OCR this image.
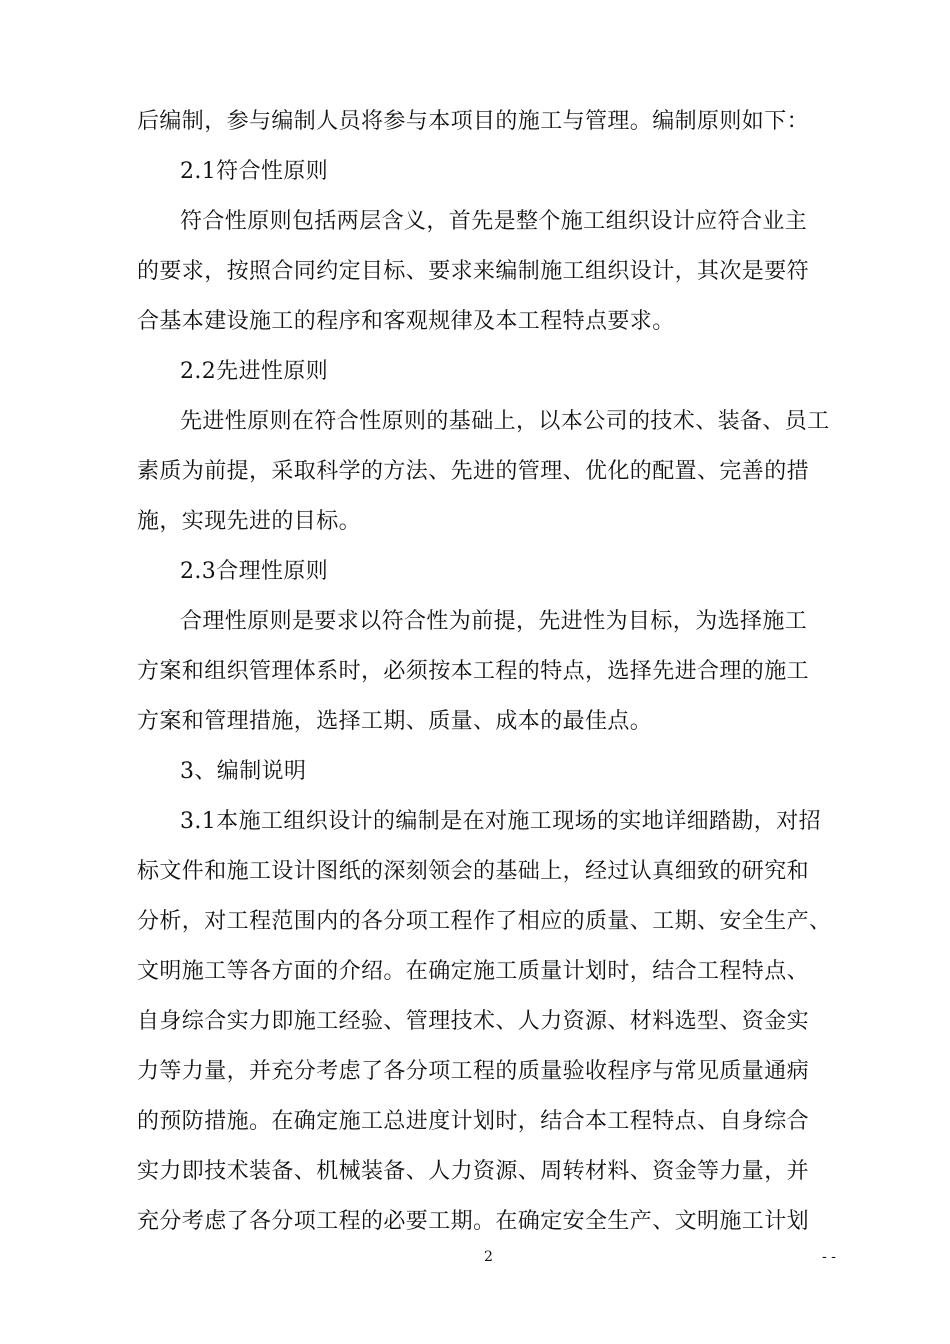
后编制，参与编制人员将参与本项目的施工与管理。编制原则如下：
2.1符合性原则
符合性原则包括两层含义，首先是整个施工组织设计应符合业主
的要求，按照合同约定目标、要求来编制施工组织设计，其次是要符
合基本建设施工的程序和客观规律及本工程特点要求。
2.2先进性原则
先进性原则在符合性原则的基础上，以本公司的技术、装备、员工
素质为前提，采取科学的方法、先进的管理、优化的配置、完善的措
施，实现先进的目标。
2.3合理性原则
合理性原则是要求以符合性为前提，先进性为目标，为选择施工
方案和组织管理体系时，必须按本工程的特点，选择先进合理的施工
方案和管理措施，选择工期、质量、成本的最佳点。
3、编制说明
3.1本施工组织设计的编制是在对施工现场的实地详细踏勘，对招
标文件和施工设计图纸的深刻领会的基础上，经过认真细致的研究和
分析，对工程范围内的各分项工程作了相应的质量、工期、安全生产、
文明施工等各方面的介绍。在确定施工质量计划时，结合工程特点、
自身综合实力即施工经验、管理技术、人力资源、材料选型、资金实
力等力量，并充分考虑了各分项工程的质量验收程序与常见质量通病
的预防措施。在确定施工总进度计划时，结合本工程特点、自身综合
实力即技术装备、机械装备、人力资源、周转材料、资金等力量，并
充分考虑了各分项工程的必要工期。在确定安全生产、文明施工计划
2	- -
